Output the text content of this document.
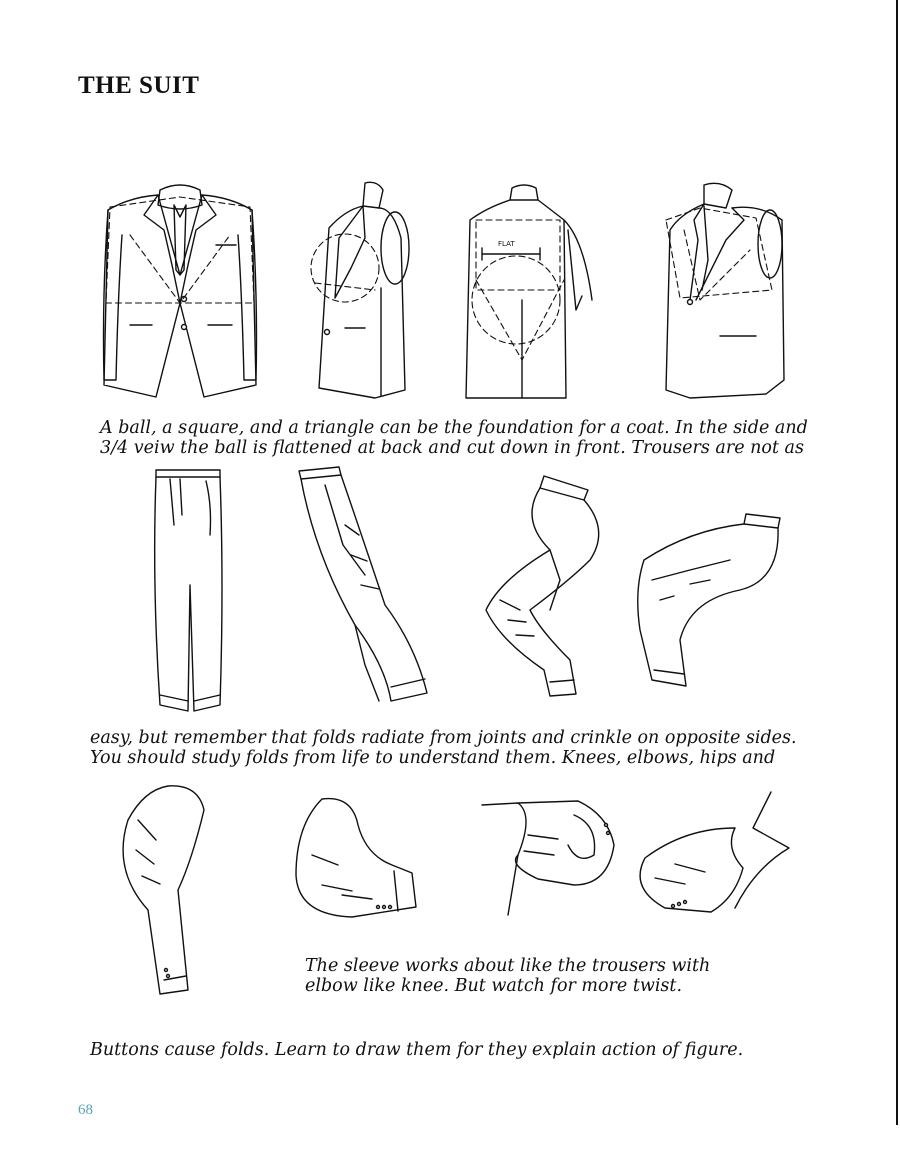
THE SUIT
FLAT
A ball, a square, and a triangle can be the foundation for a coat. In the side and
3/4 veiw the ball is flattened at back and cut down in front. Trousers are not as
easy, but remember that folds radiate from joints and crinkle on opposite sides.
You should study folds from life to understand them. Knees, elbows, hips and
The sleeve works about like the trousers with
elbow like knee. But watch for more twist.
Buttons cause folds. Learn to draw them for they explain action of figure.
68
